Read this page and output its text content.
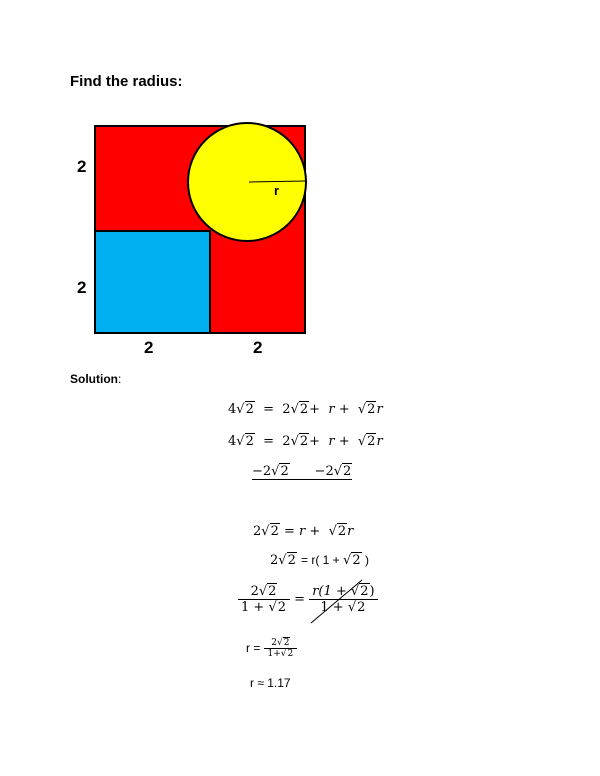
Find the radius:
r
2
2
2	2
Solution:
4√2 = 2√2+ r + √2r
4√2 = 2√2+ r + √2r
−2√2 −2√2
2√2 = r + √2r
2√2 = r( 1 + √2 )
$\frac{2√2}{1 + √2} = \frac{r(1 + √2)}{1 + √2}$
$r = \frac{2√2}{1+√2}$
r ≈ 1.17
